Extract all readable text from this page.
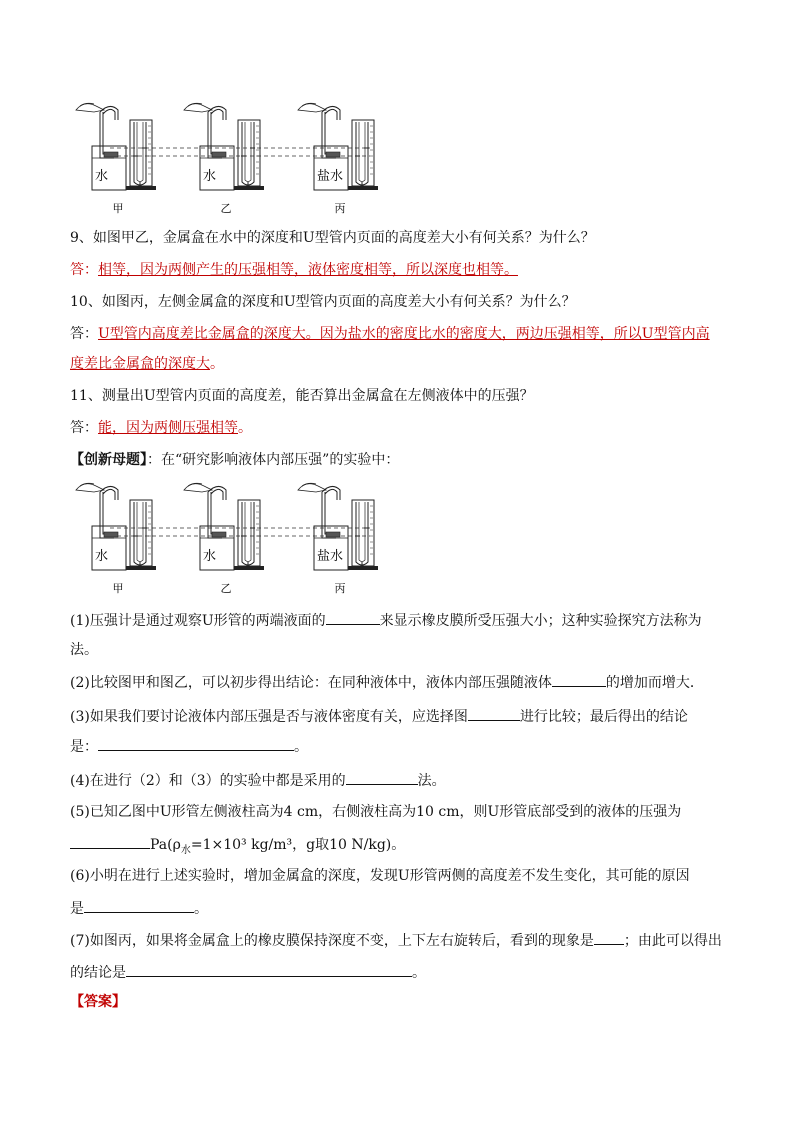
水
甲
水
乙
盐水
丙
9、如图甲乙，金属盒在水中的深度和U型管内页面的高度差大小有何关系？为什么？
答：相等，因为两侧产生的压强相等，液体密度相等，所以深度也相等。
10、如图丙，左侧金属盒的深度和U型管内页面的高度差大小有何关系？为什么？
答：U型管内高度差比金属盒的深度大。因为盐水的密度比水的密度大，两边压强相等，所以U型管内高
度差比金属盒的深度大。
11、测量出U型管内页面的高度差，能否算出金属盒在左侧液体中的压强？
答：能，因为两侧压强相等。
【创新母题】：在“研究影响液体内部压强”的实验中：
水
甲
水
乙
盐水
丙
(1)压强计是通过观察U形管的两端液面的	来显示橡皮膜所受压强大小；这种实验探究方法称为
法。
(2)比较图甲和图乙，可以初步得出结论：在同种液体中，液体内部压强随液体	的增加而增大．
(3)如果我们要讨论液体内部压强是否与液体密度有关，应选择图	进行比较；最后得出的结论
是：	。
(4)在进行（2）和（3）的实验中都是采用的	法。
(5)已知乙图中U形管左侧液柱高为4 cm，右侧液柱高为10 cm，则U形管底部受到的液体的压强为
$Pa(\rho_水=1\times 10^3$ kg/m³，g取10 N/kg)。
(6)小明在进行上述实验时，增加金属盒的深度，发现U形管两侧的高度差不发生变化，其可能的原因
是	。
(7)如图丙，如果将金属盒上的橡皮膜保持深度不变，上下左右旋转后，看到的现象是 ；由此可以得出
的结论是	。
【答案】
